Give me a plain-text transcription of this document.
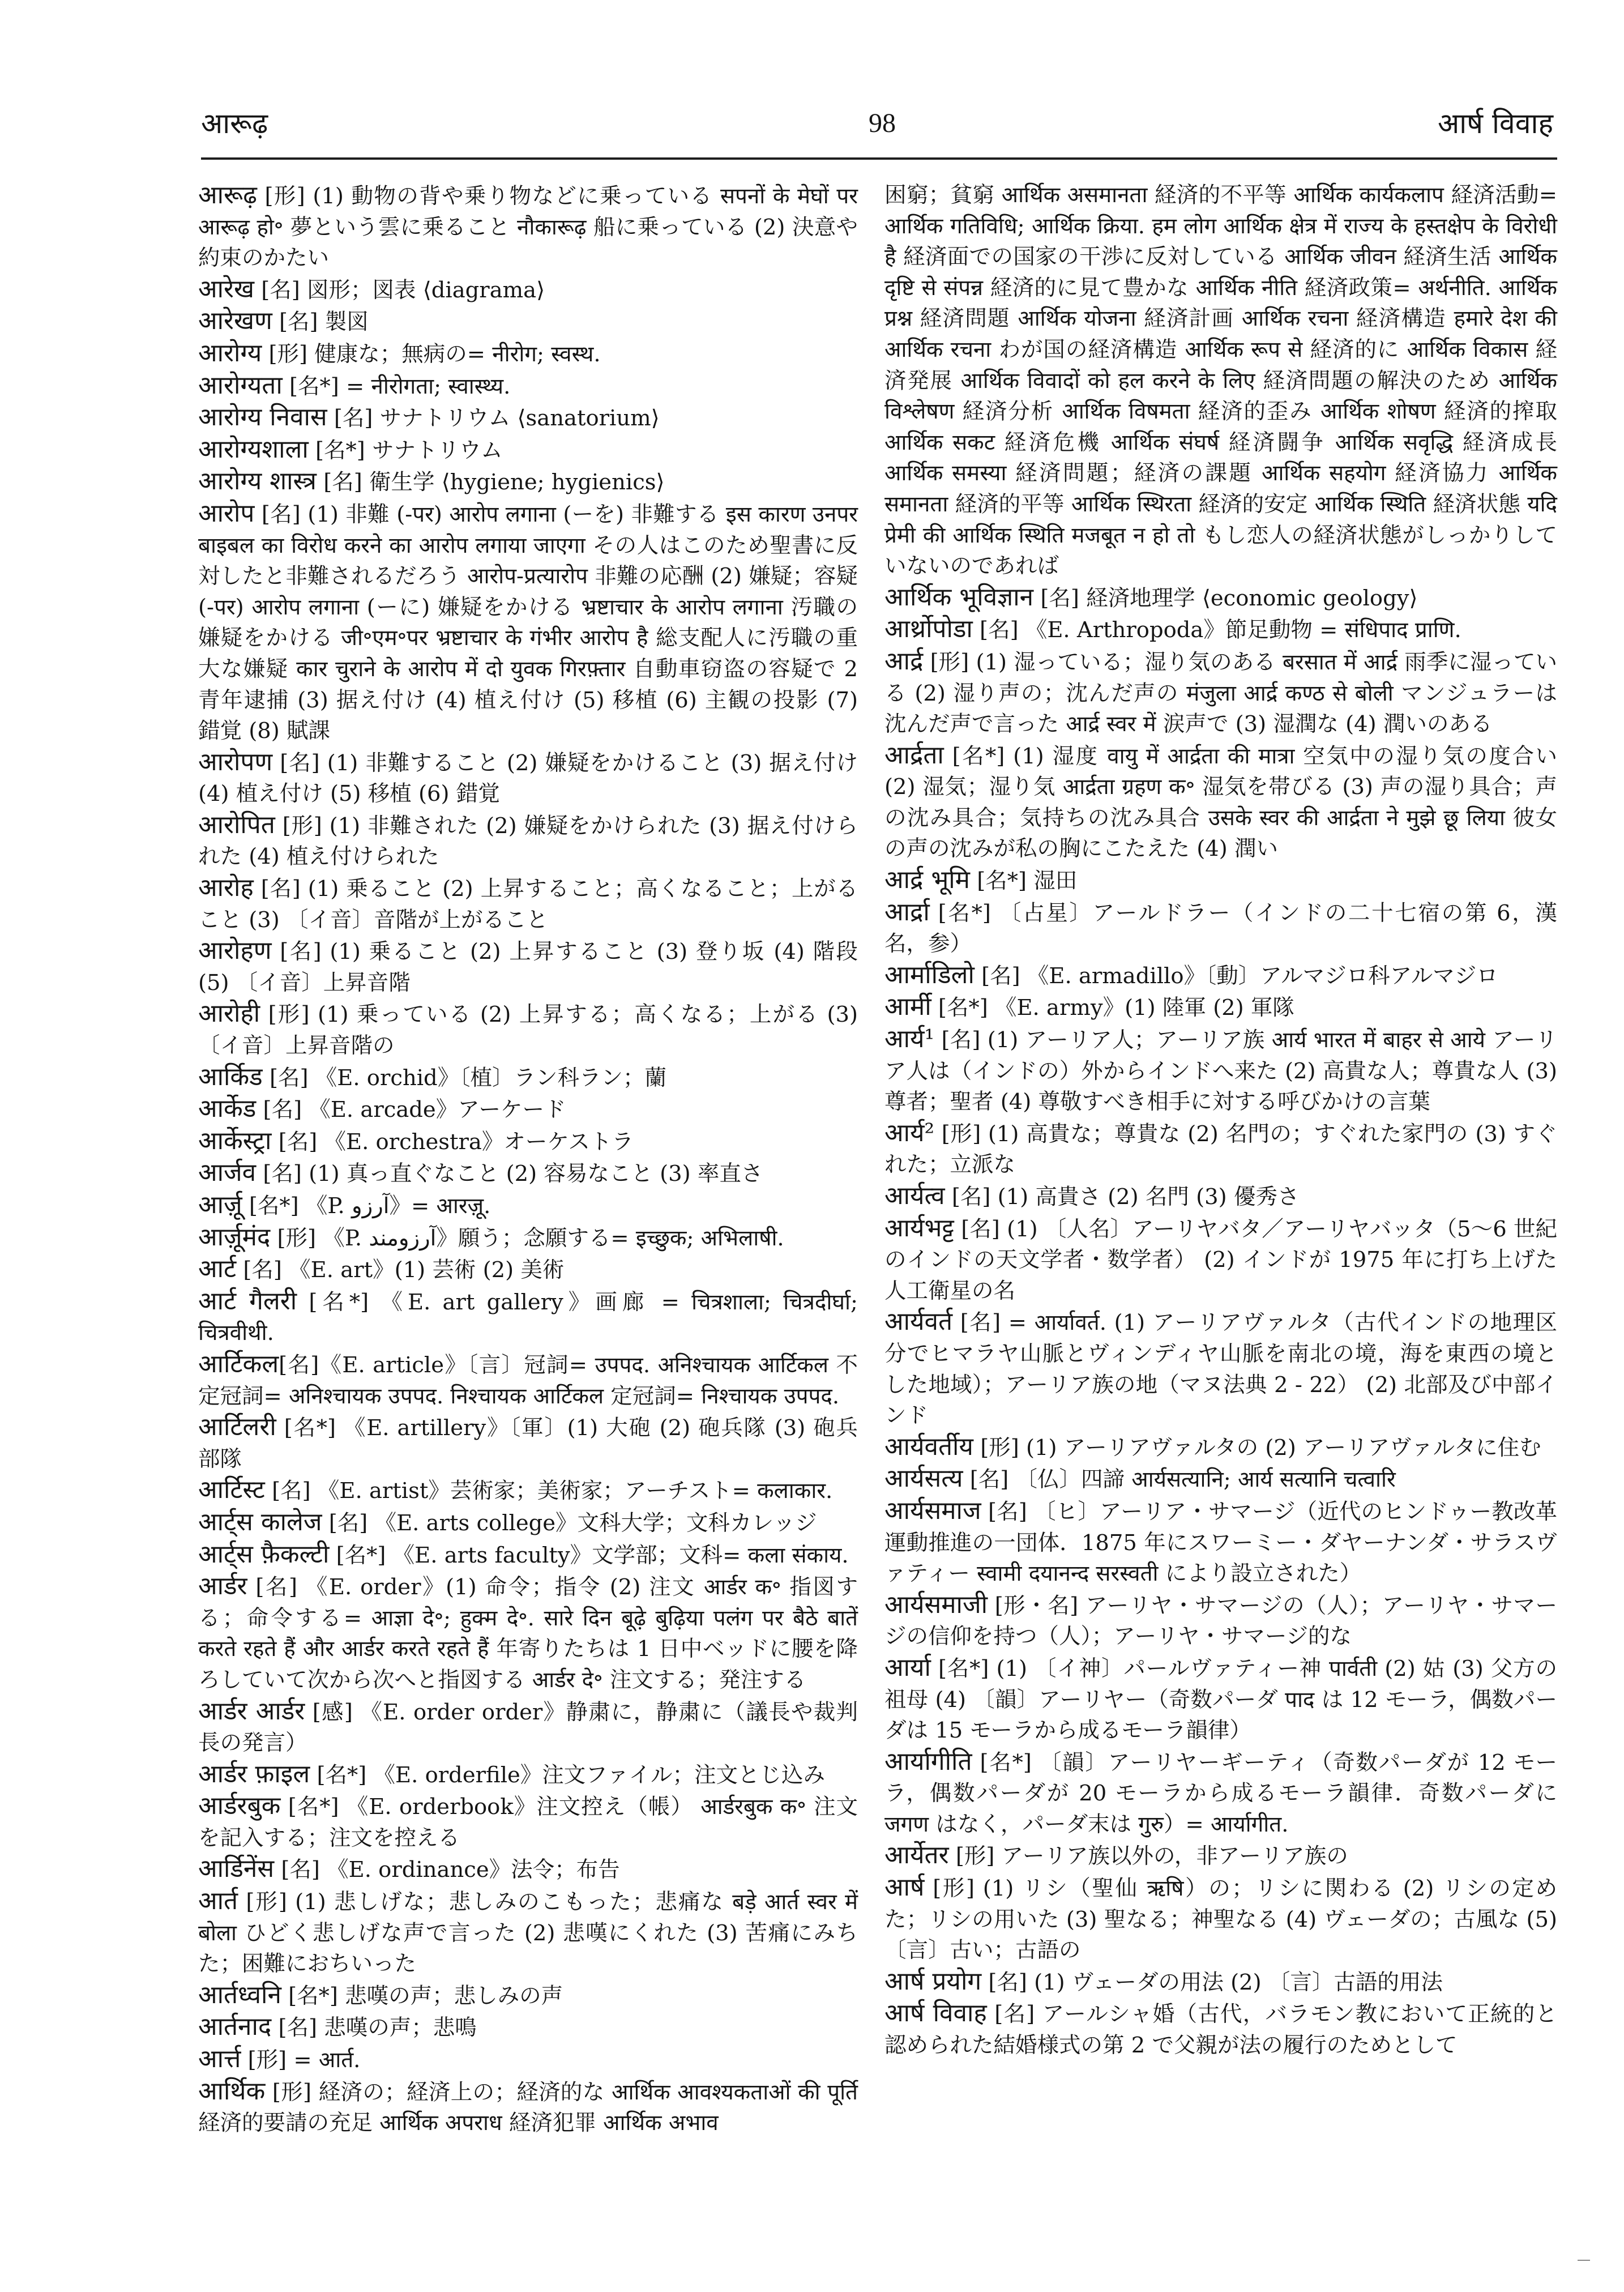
आरूढ़	98	आर्ष विवाह

आरूढ़ [形] (1) 動物の背や乗り物などに乗っている सपनों के मेघों पर आरूढ़ हो॰ 夢という雲に乗ること नौकारूढ़ 船に乗っている (2) 決意や約束のかたい

आरेख [名] 図形；図表 ⟨diagrama⟩

आरेखण [名] 製図

आरोग्य [形] 健康な；無病の= नीरोग; स्वस्थ.

आरोग्यता [名*] = नीरोगता; स्वास्थ्य.

आरोग्य निवास [名] サナトリウム ⟨sanatorium⟩

आरोग्यशाला [名*] サナトリウム

आरोग्य शास्त्र [名] 衛生学 ⟨hygiene; hygienics⟩

आरोप [名] (1) 非難 (-पर) आरोप लगाना (ーを) 非難する इस कारण उनपर बाइबल का विरोध करने का आरोप लगाया जाएगा その人はこのため聖書に反対したと非難されるだろう आरोप-प्रत्यारोप 非難の応酬 (2) 嫌疑；容疑 (-पर) आरोप लगाना (ーに) 嫌疑をかける भ्रष्टाचार के आरोप लगाना 汚職の嫌疑をかける जी॰एम॰पर भ्रष्टाचार के गंभीर आरोप है 総支配人に汚職の重大な嫌疑 कार चुराने के आरोप में दो युवक गिरफ़्तार 自動車窃盗の容疑で 2 青年逮捕 (3) 据え付け (4) 植え付け (5) 移植 (6) 主観の投影 (7) 錯覚 (8) 賦課

आरोपण [名] (1) 非難すること (2) 嫌疑をかけること (3) 据え付け (4) 植え付け (5) 移植 (6) 錯覚

आरोपित [形] (1) 非難された (2) 嫌疑をかけられた (3) 据え付けられた (4) 植え付けられた

आरोह [名] (1) 乗ること (2) 上昇すること；高くなること；上がること (3) 〔イ音〕音階が上がること

आरोहण [名] (1) 乗ること (2) 上昇すること (3) 登り坂 (4) 階段 (5) 〔イ音〕上昇音階

आरोही [形] (1) 乗っている (2) 上昇する；高くなる；上がる (3) 〔イ音〕上昇音階の

आर्किड [名] 《E. orchid》〔植〕ラン科ラン；蘭

आर्केड [名] 《E. arcade》アーケード

आर्केस्ट्रा [名] 《E. orchestra》オーケストラ

आर्जव [名] (1) 真っ直ぐなこと (2) 容易なこと (3) 率直さ

आर्ज़ू [名*] 《P. آرزو》= आरज़ू.

आर्ज़ूमंद [形] 《P. آرزومند》願う；念願する= इच्छुक; अभिलाषी.

आर्ट [名] 《E. art》(1) 芸術 (2) 美術

आर्ट गैलरी [名*] 《E. art gallery》画廊 = चित्रशाला; चित्रदीर्घा; चित्रवीथी.

आर्टिकल[名]《E. article》〔言〕冠詞= उपपद. अनिश्चायक आर्टिकल 不定冠詞= अनिश्चायक उपपद. निश्चायक आर्टिकल 定冠詞= निश्चायक उपपद.

आर्टिलरी [名*] 《E. artillery》〔軍〕(1) 大砲 (2) 砲兵隊 (3) 砲兵部隊

आर्टिस्ट [名] 《E. artist》芸術家；美術家；アーチスト= कलाकार.

आर्ट्स कालेज [名] 《E. arts college》文科大学；文科カレッジ

आर्ट्स फ़ैकल्टी [名*] 《E. arts faculty》文学部；文科= कला संकाय.

आर्डर [名] 《E. order》(1) 命令；指令 (2) 注文 आर्डर क॰ 指図する；命令する= आज्ञा दे॰; हुक्म दे॰. सारे दिन बूढ़े बुढ़िया पलंग पर बैठे बातें करते रहते हैं और आर्डर करते रहते हैं 年寄りたちは 1 日中ベッドに腰を降ろしていて次から次へと指図する आर्डर दे॰ 注文する；発注する

आर्डर आर्डर [感] 《E. order order》静粛に，静粛に（議長や裁判長の発言）

आर्डर फ़ाइल [名*] 《E. orderfile》注文ファイル；注文とじ込み

आर्डरबुक [名*] 《E. orderbook》注文控え（帳） आर्डरबुक क॰ 注文を記入する；注文を控える

आर्डिनेंस [名] 《E. ordinance》法令；布告

आर्त [形] (1) 悲しげな；悲しみのこもった；悲痛な बड़े आर्त स्वर में बोला ひどく悲しげな声で言った (2) 悲嘆にくれた (3) 苦痛にみちた；困難におちいった

आर्तध्वनि [名*] 悲嘆の声；悲しみの声

आर्तनाद [名] 悲嘆の声；悲鳴

आर्त्त [形] = आर्त.

आर्थिक [形] 経済の；経済上の；経済的な आर्थिक आवश्यकताओं की पूर्ति 経済的要請の充足 आर्थिक अपराध 経済犯罪 आर्थिक अभाव

困窮；貧窮 आर्थिक असमानता 経済的不平等 आर्थिक कार्यकलाप 経済活動= आर्थिक गतिविधि; आर्थिक क्रिया. हम लोग आर्थिक क्षेत्र में राज्य के हस्तक्षेप के विरोधी है 経済面での国家の干渉に反対している आर्थिक जीवन 経済生活 आर्थिक दृष्टि से संपन्न 経済的に見て豊かな आर्थिक नीति 経済政策= अर्थनीति. आर्थिक प्रश्न 経済問題 आर्थिक योजना 経済計画 आर्थिक रचना 経済構造 हमारे देश की आर्थिक रचना わが国の経済構造 आर्थिक रूप से 経済的に आर्थिक विकास 経済発展 आर्थिक विवादों को हल करने के लिए 経済問題の解決のため आर्थिक विश्लेषण 経済分析 आर्थिक विषमता 経済的歪み आर्थिक शोषण 経済的搾取 आर्थिक सकट 経済危機 आर्थिक संघर्ष 経済闘争 आर्थिक सवृद्धि 経済成長 आर्थिक समस्या 経済問題；経済の課題 आर्थिक सहयोग 経済協力 आर्थिक समानता 経済的平等 आर्थिक स्थिरता 経済的安定 आर्थिक स्थिति 経済状態 यदि प्रेमी की आर्थिक स्थिति मजबूत न हो तो もし恋人の経済状態がしっかりしていないのであれば

आर्थिक भूविज्ञान [名] 経済地理学 ⟨economic geology⟩

आर्थ्रोपोडा [名] 《E. Arthropoda》節足動物 = संधिपाद प्राणि.

आर्द्र [形] (1) 湿っている；湿り気のある बरसात में आर्द्र 雨季に湿っている (2) 湿り声の；沈んだ声の मंजुला आर्द्र कण्ठ से बोली マンジュラーは沈んだ声で言った आर्द्र स्वर में 涙声で (3) 湿潤な (4) 潤いのある

आर्द्रता [名*] (1) 湿度 वायु में आर्द्रता की मात्रा 空気中の湿り気の度合い (2) 湿気；湿り気 आर्द्रता ग्रहण क॰ 湿気を帯びる (3) 声の湿り具合；声の沈み具合；気持ちの沈み具合 उसके स्वर की आर्द्रता ने मुझे छू लिया 彼女の声の沈みが私の胸にこたえた (4) 潤い

आर्द्र भूमि [名*] 湿田

आर्द्रा [名*] 〔占星〕アールドラー（インドの二十七宿の第 6，漢名，参）

आर्माडिलो [名] 《E. armadillo》〔動〕アルマジロ科アルマジロ

आर्मी [名*] 《E. army》(1) 陸軍 (2) 軍隊

आर्य¹ [名] (1) アーリア人；アーリア族 आर्य भारत में बाहर से आये アーリア人は（インドの）外からインドへ来た (2) 高貴な人；尊貴な人 (3) 尊者；聖者 (4) 尊敬すべき相手に対する呼びかけの言葉

आर्य² [形] (1) 高貴な；尊貴な (2) 名門の；すぐれた家門の (3) すぐれた；立派な

आर्यत्व [名] (1) 高貴さ (2) 名門 (3) 優秀さ

आर्यभट्ट [名] (1) 〔人名〕アーリヤバタ／アーリヤバッタ（5～6 世紀のインドの天文学者・数学者） (2) インドが 1975 年に打ち上げた人工衛星の名

आर्यवर्त [名] = आर्यावर्त. (1) アーリアヴァルタ（古代インドの地理区分でヒマラヤ山脈とヴィンディヤ山脈を南北の境，海を東西の境とした地域）；アーリア族の地（マヌ法典 2 - 22） (2) 北部及び中部インド

आर्यवर्तीय [形] (1) アーリアヴァルタの (2) アーリアヴァルタに住む

आर्यसत्य [名] 〔仏〕四諦 आर्यसत्यानि; आर्य सत्यानि चत्वारि

आर्यसमाज [名] 〔ヒ〕アーリア・サマージ（近代のヒンドゥー教改革運動推進の一団体．1875 年にスワーミー・ダヤーナンダ・サラスヴァティー स्वामी दयानन्द सरस्वती により設立された）

आर्यसमाजी [形・名] アーリヤ・サマージの（人）；アーリヤ・サマージの信仰を持つ（人）；アーリヤ・サマージ的な

आर्या [名*] (1) 〔イ神〕パールヴァティー神 पार्वती (2) 姑 (3) 父方の祖母 (4) 〔韻〕アーリヤー（奇数パーダ पाद は 12 モーラ，偶数パーダは 15 モーラから成るモーラ韻律）

आर्यागीति [名*] 〔韻〕アーリヤーギーティ（奇数パーダが 12 モーラ，偶数パーダが 20 モーラから成るモーラ韻律．奇数パーダに जगण はなく，パーダ末は गुरु）= आर्यागीत.

आर्येतर [形] アーリア族以外の，非アーリア族の

आर्ष [形] (1) リシ（聖仙 ऋषि）の；リシに関わる (2) リシの定めた；リシの用いた (3) 聖なる；神聖なる (4) ヴェーダの；古風な (5) 〔言〕古い；古語の

आर्ष प्रयोग [名] (1) ヴェーダの用法 (2) 〔言〕古語的用法

आर्ष विवाह [名] アールシャ婚（古代，バラモン教において正統的と認められた結婚様式の第 2 で父親が法の履行のためとして
